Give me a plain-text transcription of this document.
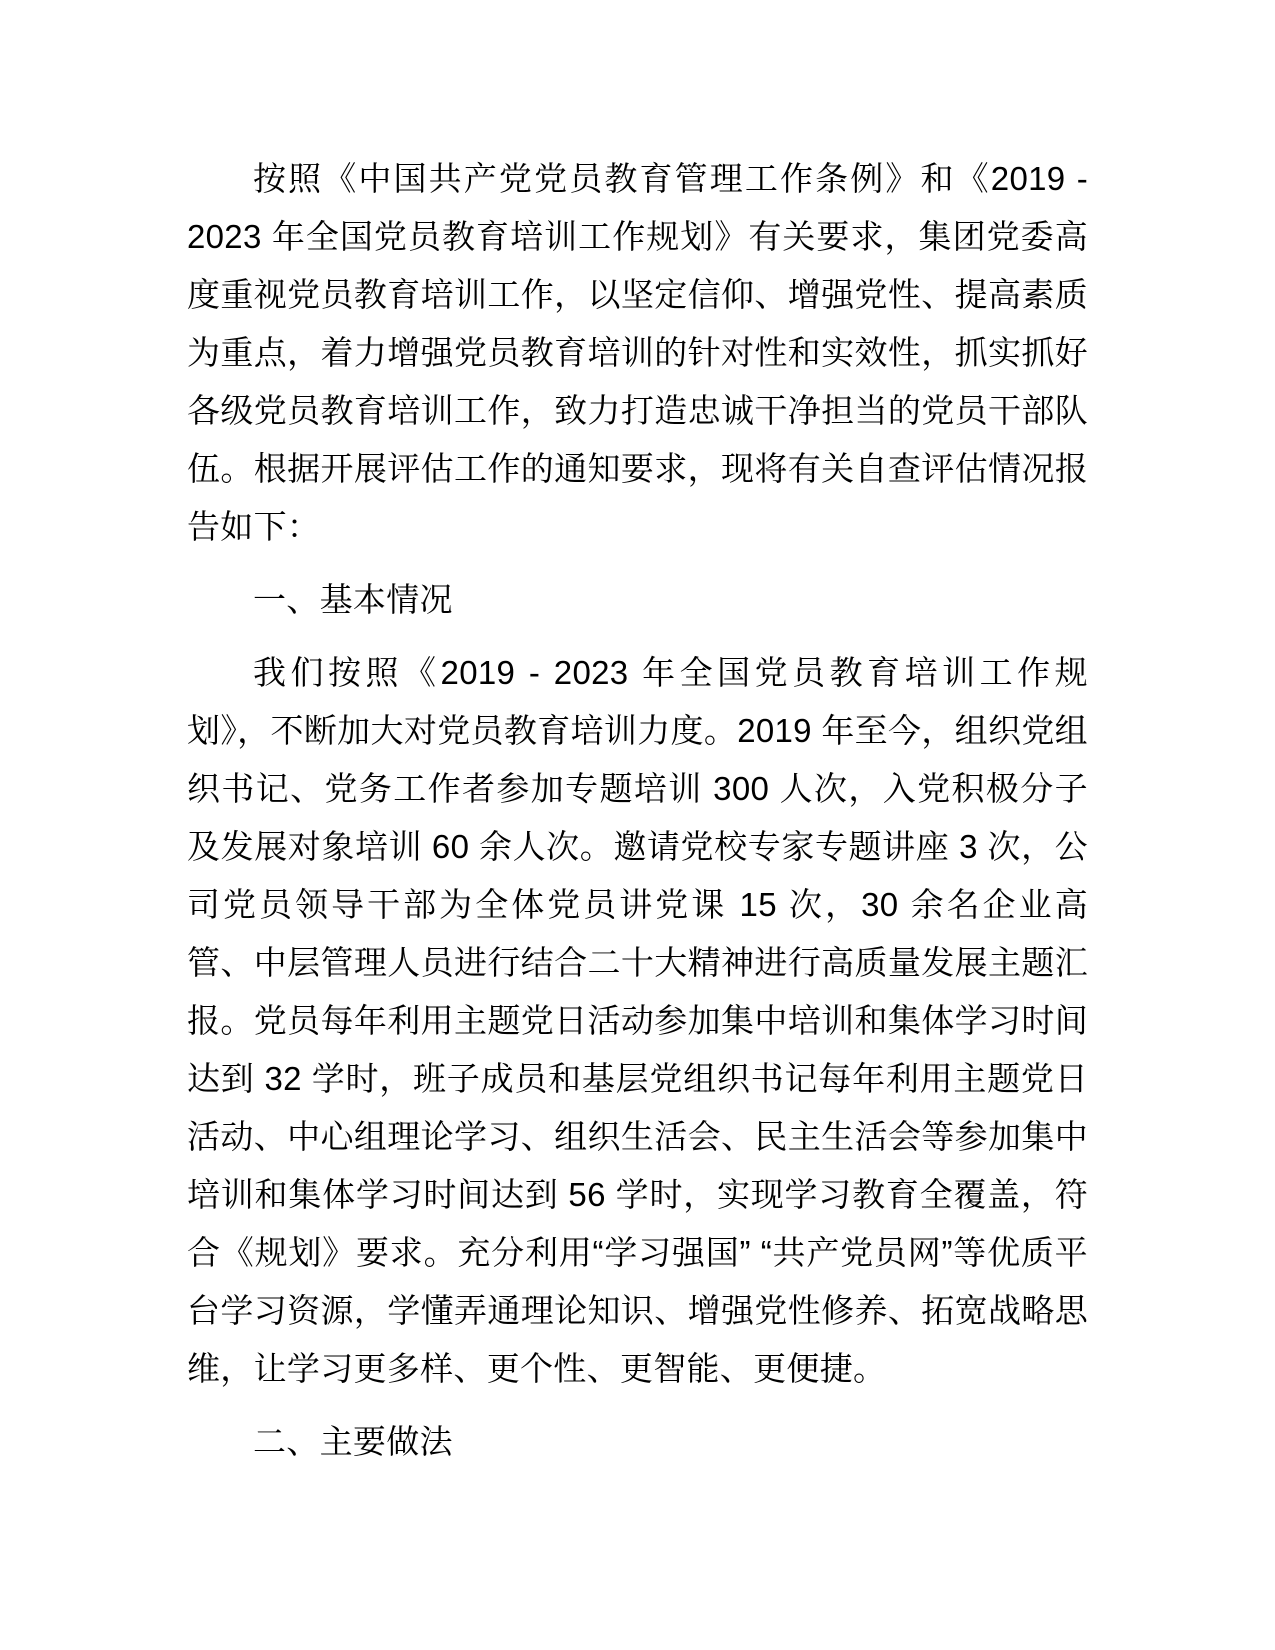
按照《中国共产党党员教育管理工作条例》和《2019 - 2023 年全国党员教育培训工作规划》有关要求，集团党委高度重视党员教育培训工作，以坚定信仰、增强党性、提高素质为重点，着力增强党员教育培训的针对性和实效性，抓实抓好各级党员教育培训工作，致力打造忠诚干净担当的党员干部队伍。根据开展评估工作的通知要求，现将有关自查评估情况报告如下：

一、基本情况

我们按照《2019 - 2023 年全国党员教育培训工作规划》，不断加大对党员教育培训力度。2019 年至今，组织党组织书记、党务工作者参加专题培训 300 人次，入党积极分子及发展对象培训 60 余人次。邀请党校专家专题讲座 3 次，公司党员领导干部为全体党员讲党课 15 次，30 余名企业高管、中层管理人员进行结合二十大精神进行高质量发展主题汇报。党员每年利用主题党日活动参加集中培训和集体学习时间达到 32 学时，班子成员和基层党组织书记每年利用主题党日活动、中心组理论学习、组织生活会、民主生活会等参加集中培训和集体学习时间达到 56 学时，实现学习教育全覆盖，符合《规划》要求。充分利用“学习强国” “共产党员网”等优质平台学习资源，学懂弄通理论知识、增强党性修养、拓宽战略思维，让学习更多样、更个性、更智能、更便捷。

二、主要做法
